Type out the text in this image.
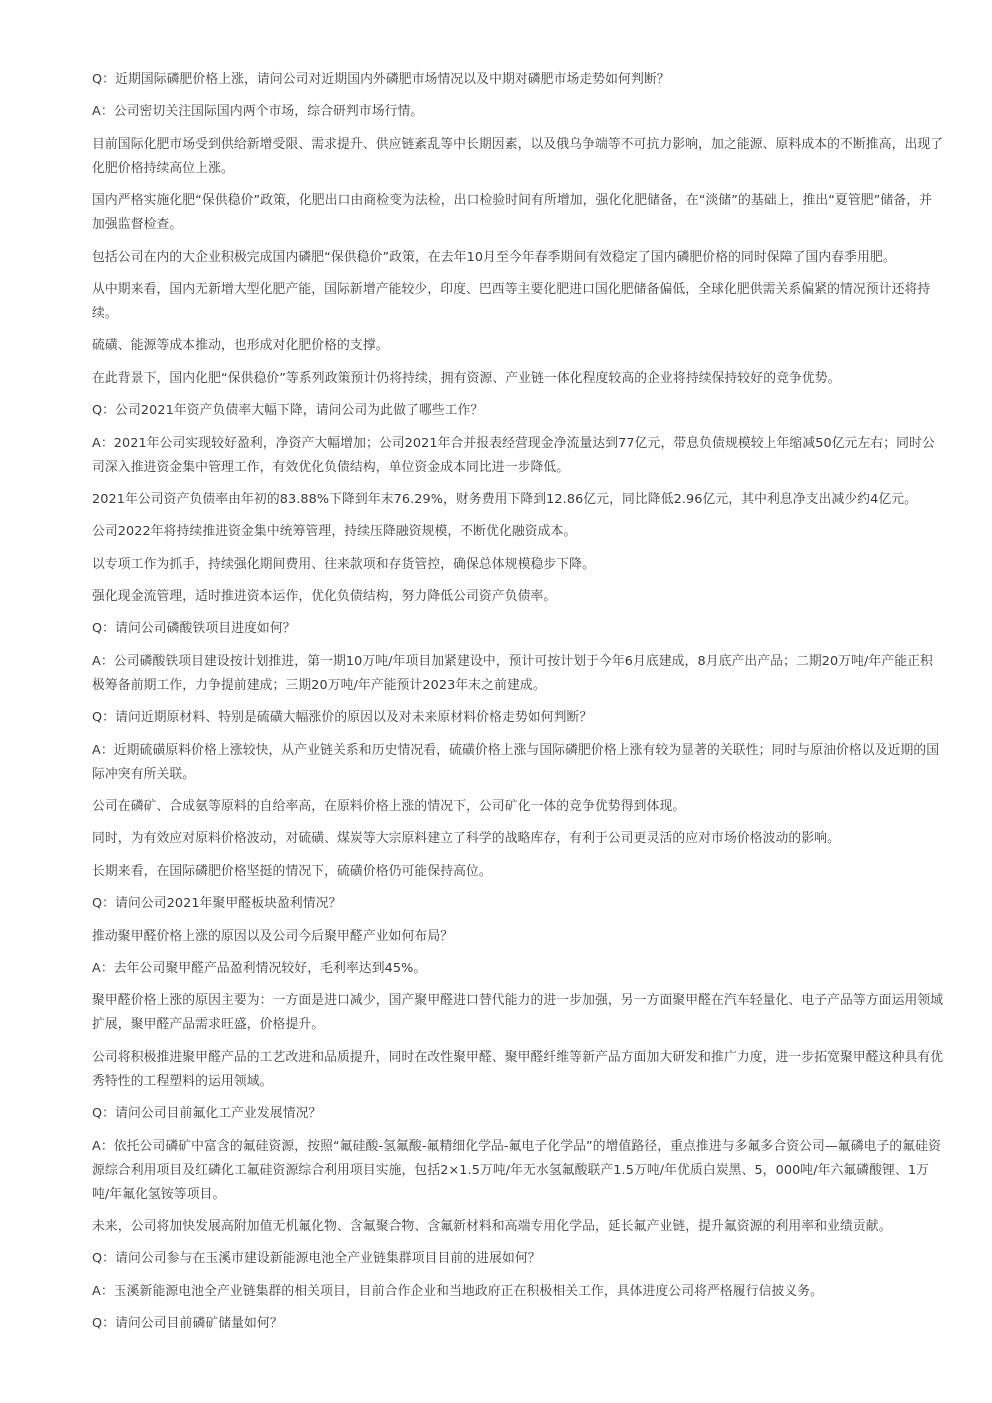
Q：近期国际磷肥价格上涨，请问公司对近期国内外磷肥市场情况以及中期对磷肥市场走势如何判断？

A：公司密切关注国际国内两个市场，综合研判市场行情。

目前国际化肥市场受到供给新增受限、需求提升、供应链紊乱等中长期因素，以及俄乌争端等不可抗力影响，加之能源、原料成本的不断推高，出现了化肥价格持续高位上涨。

国内严格实施化肥“保供稳价”政策，化肥出口由商检变为法检，出口检验时间有所增加，强化化肥储备，在“淡储”的基础上，推出“夏管肥”储备，并加强监督检查。

包括公司在内的大企业积极完成国内磷肥“保供稳价”政策，在去年10月至今年春季期间有效稳定了国内磷肥价格的同时保障了国内春季用肥。

从中期来看，国内无新增大型化肥产能，国际新增产能较少，印度、巴西等主要化肥进口国化肥储备偏低，全球化肥供需关系偏紧的情况预计还将持续。

硫磺、能源等成本推动，也形成对化肥价格的支撑。

在此背景下，国内化肥“保供稳价”等系列政策预计仍将持续，拥有资源、产业链一体化程度较高的企业将持续保持较好的竞争优势。

Q：公司2021年资产负债率大幅下降，请问公司为此做了哪些工作？

A：2021年公司实现较好盈利，净资产大幅增加；公司2021年合并报表经营现金净流量达到77亿元，带息负债规模较上年缩减50亿元左右；同时公司深入推进资金集中管理工作，有效优化负债结构，单位资金成本同比进一步降低。

2021年公司资产负债率由年初的83.88%下降到年末76.29%，财务费用下降到12.86亿元，同比降低2.96亿元，其中利息净支出减少约4亿元。

公司2022年将持续推进资金集中统筹管理，持续压降融资规模，不断优化融资成本。

以专项工作为抓手，持续强化期间费用、往来款项和存货管控，确保总体规模稳步下降。

强化现金流管理，适时推进资本运作，优化负债结构，努力降低公司资产负债率。

Q：请问公司磷酸铁项目进度如何？

A：公司磷酸铁项目建设按计划推进，第一期10万吨/年项目加紧建设中，预计可按计划于今年6月底建成，8月底产出产品；二期20万吨/年产能正积极筹备前期工作，力争提前建成；三期20万吨/年产能预计2023年末之前建成。

Q：请问近期原材料、特别是硫磺大幅涨价的原因以及对未来原材料价格走势如何判断？

A：近期硫磺原料价格上涨较快，从产业链关系和历史情况看，硫磺价格上涨与国际磷肥价格上涨有较为显著的关联性；同时与原油价格以及近期的国际冲突有所关联。

公司在磷矿、合成氨等原料的自给率高，在原料价格上涨的情况下，公司矿化一体的竞争优势得到体现。

同时，为有效应对原料价格波动，对硫磺、煤炭等大宗原料建立了科学的战略库存，有利于公司更灵活的应对市场价格波动的影响。

长期来看，在国际磷肥价格坚挺的情况下，硫磺价格仍可能保持高位。

Q：请问公司2021年聚甲醛板块盈利情况？

推动聚甲醛价格上涨的原因以及公司今后聚甲醛产业如何布局？

A：去年公司聚甲醛产品盈利情况较好，毛利率达到45%。

聚甲醛价格上涨的原因主要为：一方面是进口减少，国产聚甲醛进口替代能力的进一步加强，另一方面聚甲醛在汽车轻量化、电子产品等方面运用领域扩展，聚甲醛产品需求旺盛，价格提升。

公司将积极推进聚甲醛产品的工艺改进和品质提升，同时在改性聚甲醛、聚甲醛纤维等新产品方面加大研发和推广力度，进一步拓宽聚甲醛这种具有优秀特性的工程塑料的运用领域。

Q：请问公司目前氟化工产业发展情况？

A：依托公司磷矿中富含的氟硅资源，按照“氟硅酸-氢氟酸-氟精细化学品-氟电子化学品”的增值路径，重点推进与多氟多合资公司—氟磷电子的氟硅资源综合利用项目及红磷化工氟硅资源综合利用项目实施，包括2×1.5万吨/年无水氢氟酸联产1.5万吨/年优质白炭黑、5，000吨/年六氟磷酸锂、1万吨/年氟化氢铵等项目。

未来，公司将加快发展高附加值无机氟化物、含氟聚合物、含氟新材料和高端专用化学品，延长氟产业链，提升氟资源的利用率和业绩贡献。

Q：请问公司参与在玉溪市建设新能源电池全产业链集群项目目前的进展如何？

A：玉溪新能源电池全产业链集群的相关项目，目前合作企业和当地政府正在积极相关工作，具体进度公司将严格履行信披义务。

Q：请问公司目前磷矿储量如何？
